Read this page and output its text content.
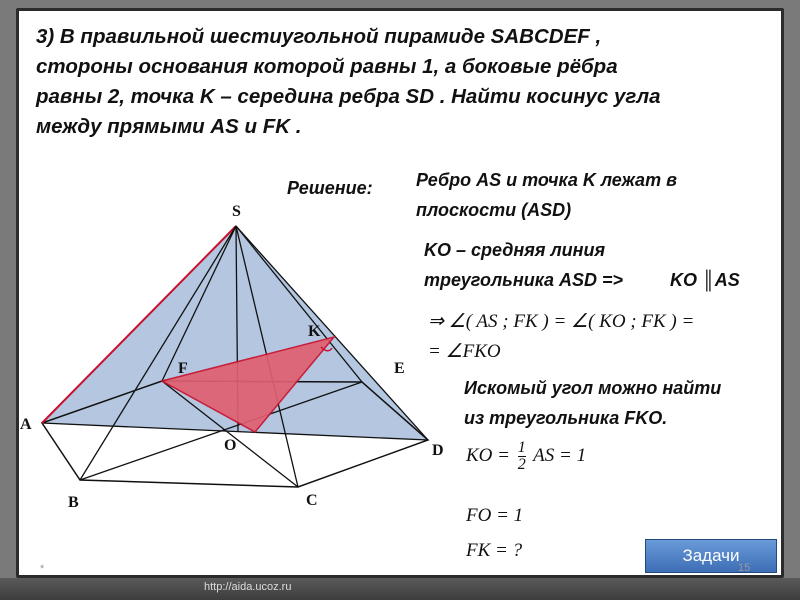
3) В правильной шестиугольной пирамиде SABCDEF ,
стороны основания которой равны 1, а боковые рёбра
равны 2, точка K – середина ребра SD . Найти косинус угла
между прямыми AS и FK .
S
K
F	E
A
O	D
B	C
Решение: Ребро AS и точка K лежат в
плоскости (ASD)
KO – средняя линия
треугольника ASD =>	KO ║AS
⇒ ∠( AS ; FK ) = ∠( KO ; FK ) =
= ∠FKO
Искомый угол можно найти
из треугольника FKO.
KO = $\frac{1}{2}$ AS = 1
FO = 1
FK = ?	Задачи
*	15
http://aida.ucoz.ru
